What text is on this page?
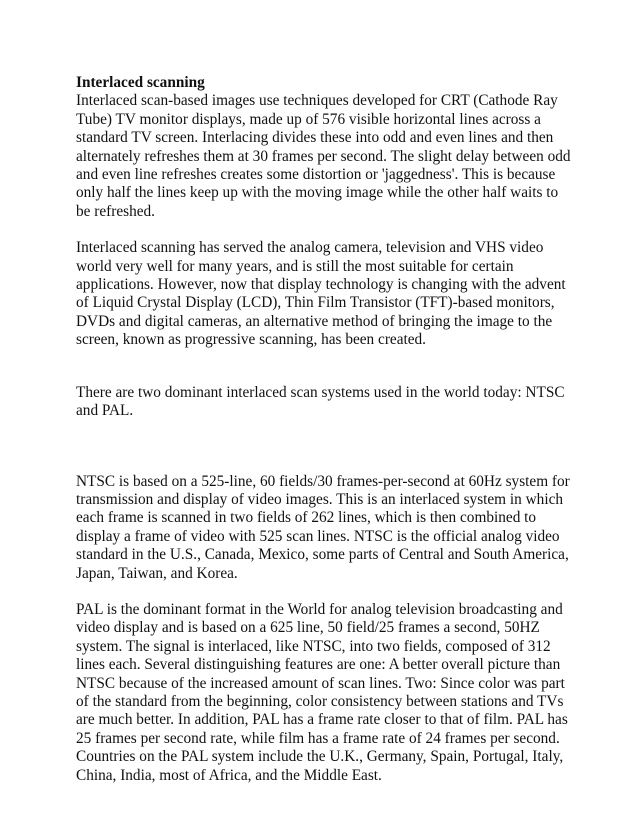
Interlaced scanning

Interlaced scan-based images use techniques developed for CRT (Cathode Ray Tube) TV monitor displays, made up of 576 visible horizontal lines across a standard TV screen. Interlacing divides these into odd and even lines and then alternately refreshes them at 30 frames per second. The slight delay between odd and even line refreshes creates some distortion or 'jaggedness'. This is because only half the lines keep up with the moving image while the other half waits to be refreshed.

Interlaced scanning has served the analog camera, television and VHS video world very well for many years, and is still the most suitable for certain applications. However, now that display technology is changing with the advent of Liquid Crystal Display (LCD), Thin Film Transistor (TFT)-based monitors, DVDs and digital cameras, an alternative method of bringing the image to the screen, known as progressive scanning, has been created.

There are two dominant interlaced scan systems used in the world today: NTSC and PAL.

NTSC is based on a 525-line, 60 fields/30 frames-per-second at 60Hz system for transmission and display of video images. This is an interlaced system in which each frame is scanned in two fields of 262 lines, which is then combined to display a frame of video with 525 scan lines. NTSC is the official analog video standard in the U.S., Canada, Mexico, some parts of Central and South America, Japan, Taiwan, and Korea.

PAL is the dominant format in the World for analog television broadcasting and video display and is based on a 625 line, 50 field/25 frames a second, 50HZ system. The signal is interlaced, like NTSC, into two fields, composed of 312 lines each. Several distinguishing features are one: A better overall picture than NTSC because of the increased amount of scan lines. Two: Since color was part of the standard from the beginning, color consistency between stations and TVs are much better. In addition, PAL has a frame rate closer to that of film. PAL has 25 frames per second rate, while film has a frame rate of 24 frames per second. Countries on the PAL system include the U.K., Germany, Spain, Portugal, Italy, China, India, most of Africa, and the Middle East.
